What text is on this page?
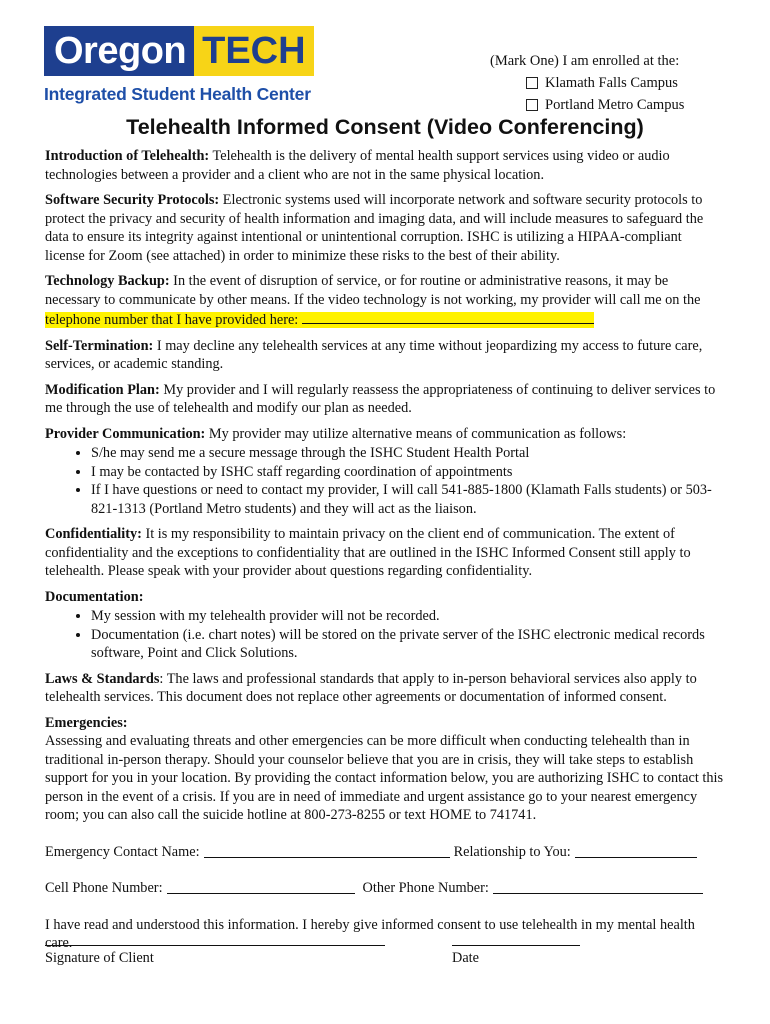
Oregon TECH
Integrated Student Health Center
(Mark One) I am enrolled at the:
Klamath Falls Campus
Portland Metro Campus
Telehealth Informed Consent (Video Conferencing)

Introduction of Telehealth: Telehealth is the delivery of mental health support services using video or audio technologies between a provider and a client who are not in the same physical location.

Software Security Protocols: Electronic systems used will incorporate network and software security protocols to protect the privacy and security of health information and imaging data, and will include measures to safeguard the data to ensure its integrity against intentional or unintentional corruption. ISHC is utilizing a HIPAA-compliant license for Zoom (see attached) in order to minimize these risks to the best of their ability.

Technology Backup: In the event of disruption of service, or for routine or administrative reasons, it may be necessary to communicate by other means. If the video technology is not working, my provider will call me on the telephone number that I have provided here:

Self-Termination: I may decline any telehealth services at any time without jeopardizing my access to future care, services, or academic standing.

Modification Plan: My provider and I will regularly reassess the appropriateness of continuing to deliver services to me through the use of telehealth and modify our plan as needed.

Provider Communication: My provider may utilize alternative means of communication as follows:

• S/he may send me a secure message through the ISHC Student Health Portal
• I may be contacted by ISHC staff regarding coordination of appointments
• If I have questions or need to contact my provider, I will call 541-885-1800 (Klamath Falls students) or 503-821-1313 (Portland Metro students) and they will act as the liaison.

Confidentiality: It is my responsibility to maintain privacy on the client end of communication. The extent of confidentiality and the exceptions to confidentiality that are outlined in the ISHC Informed Consent still apply to telehealth. Please speak with your provider about questions regarding confidentiality.

Documentation:

• My session with my telehealth provider will not be recorded.
• Documentation (i.e. chart notes) will be stored on the private server of the ISHC electronic medical records software, Point and Click Solutions.

Laws & Standards: The laws and professional standards that apply to in-person behavioral services also apply to telehealth services. This document does not replace other agreements or documentation of informed consent.

Emergencies:

Assessing and evaluating threats and other emergencies can be more difficult when conducting telehealth than in traditional in-person therapy. Should your counselor believe that you are in crisis, they will take steps to establish support for you in your location. By providing the contact information below, you are authorizing ISHC to contact this person in the event of a crisis. If you are in need of immediate and urgent assistance go to your nearest emergency room; you can also call the suicide hotline at 800-273-8255 or text HOME to 741741.

Emergency Contact Name:	Relationship to You:
Cell Phone Number:	Other Phone Number:

I have read and understood this information. I hereby give informed consent to use telehealth in my mental health care.

Signature of Client	Date
